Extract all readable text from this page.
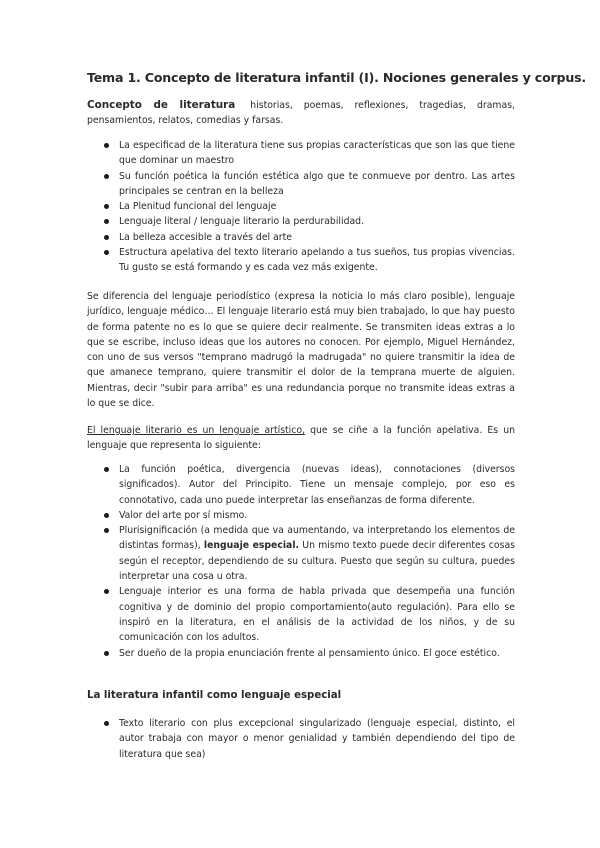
Tema 1. Concepto de literatura infantil (I). Nociones generales y corpus.
Concepto de literatura historias, poemas, reflexiones, tragedias, dramas, pensamientos, relatos, comedias y farsas.
La especificad de la literatura tiene sus propias características que son las que tiene que dominar un maestro
Su función poética la función estética algo que te conmueve por dentro. Las artes principales se centran en la belleza
La Plenitud funcional del lenguaje
Lenguaje literal / lenguaje literario la perdurabilidad.
La belleza accesible a través del arte
Estructura apelativa del texto literario apelando a tus sueños, tus propias vivencias. Tu gusto se está formando y es cada vez más exigente.
Se diferencia del lenguaje periodístico (expresa la noticia lo más claro posible), lenguaje jurídico, lenguaje médico… El lenguaje literario está muy bien trabajado, lo que hay puesto de forma patente no es lo que se quiere decir realmente. Se transmiten ideas extras a lo que se escribe, incluso ideas que los autores no conocen. Por ejemplo, Miguel Hernández, con uno de sus versos "temprano madrugó la madrugada" no quiere transmitir la idea de que amanece temprano, quiere transmitir el dolor de la temprana muerte de alguien. Mientras, decir "subir para arriba" es una redundancia porque no transmite ideas extras a lo que se dice.
El lenguaje literario es un lenguaje artístico, que se ciñe a la función apelativa. Es un lenguaje que representa lo siguiente:
La función poética, divergencia (nuevas ideas), connotaciones (diversos significados). Autor del Principito. Tiene un mensaje complejo, por eso es connotativo, cada uno puede interpretar las enseñanzas de forma diferente.
Valor del arte por sí mismo.
Plurisignificación (a medida que va aumentando, va interpretando los elementos de distintas formas), lenguaje especial. Un mismo texto puede decir diferentes cosas según el receptor, dependiendo de su cultura. Puesto que según su cultura, puedes interpretar una cosa u otra.
Lenguaje interior es una forma de habla privada que desempeña una función cognitiva y de dominio del propio comportamiento(auto regulación). Para ello se inspiró en la literatura, en el análisis de la actividad de los niños, y de su comunicación con los adultos.
Ser dueño de la propia enunciación frente al pensamiento único. El goce estético.
La literatura infantil como lenguaje especial
Texto literario con plus excepcional singularizado (lenguaje especial, distinto, el autor trabaja con mayor o menor genialidad y también dependiendo del tipo de literatura que sea)
